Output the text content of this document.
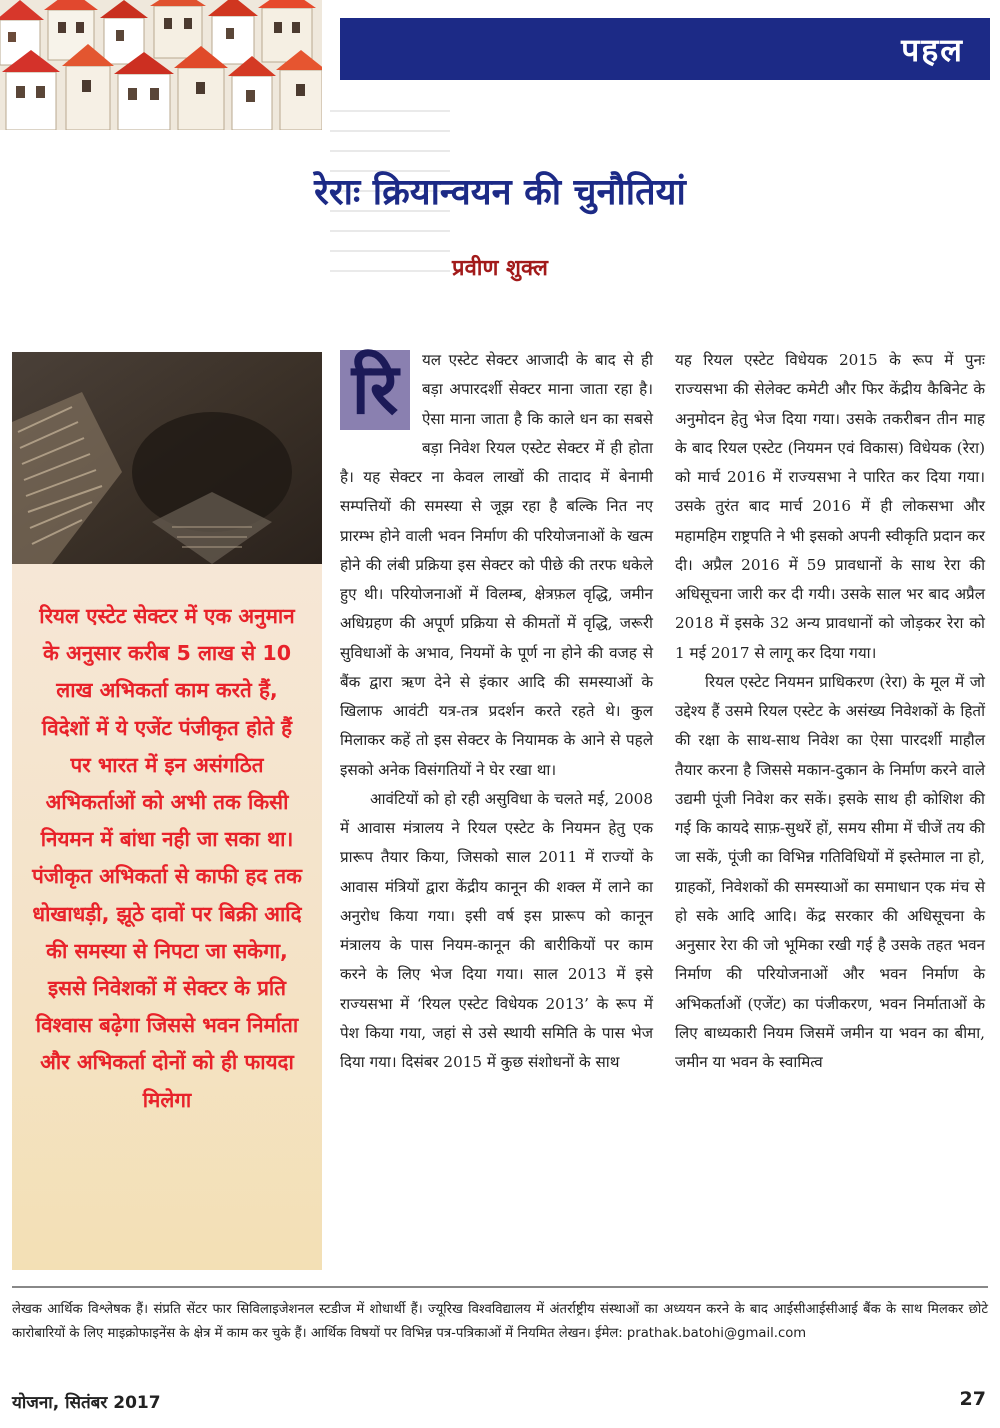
पहल
रेराः क्रियान्वयन की चुनौतियां
प्रवीण शुक्ल

रियल एस्टेट सेक्टर में एक अनुमान के अनुसार करीब 5 लाख से 10 लाख अभिकर्ता काम करते हैं, विदेशों में ये एजेंट पंजीकृत होते हैं पर भारत में इन असंगठित अभिकर्ताओं को अभी तक किसी नियमन में बांधा नही जा सका था। पंजीकृत अभिकर्ता से काफी हद तक धोखाधड़ी, झूठे दावों पर बिक्री आदि की समस्या से निपटा जा सकेगा, इससे निवेशकों में सेक्टर के प्रति विश्वास बढ़ेगा जिससे भवन निर्माता और अभिकर्ता दोनों को ही फायदा मिलेगा

रि	यल एस्टेट सेक्टर आजादी के बाद से ही बड़ा अपारदर्शी सेक्टर माना जाता रहा है। ऐसा माना जाता है कि काले धन का सबसे बड़ा निवेश रियल एस्टेट सेक्टर में ही होता है। यह सेक्टर ना केवल लाखों की तादाद में बेनामी सम्पत्तियों की समस्या से जूझ रहा है बल्कि नित नए प्रारम्भ होने वाली भवन निर्माण की परियोजनाओं के खत्म होने की लंबी प्रक्रिया इस सेक्टर को पीछे की तरफ धकेले हुए थी। परियोजनाओं में विलम्ब, क्षेत्रफ़ल वृद्धि, जमीन अधिग्रहण की अपूर्ण प्रक्रिया से कीमतों में वृद्धि, जरूरी सुविधाओं के अभाव, नियमों के पूर्ण ना होने की वजह से बैंक द्वारा ऋण देने से इंकार आदि की समस्याओं के खिलाफ आवंटी यत्र-तत्र प्रदर्शन करते रहते थे। कुल मिलाकर कहें तो इस सेक्टर के नियामक के आने से पहले इसको अनेक विसंगतियों ने घेर रखा था।

आवंटियों को हो रही असुविधा के चलते मई, 2008 में आवास मंत्रालय ने रियल एस्टेट के नियमन हेतु एक प्रारूप तैयार किया, जिसको साल 2011 में राज्यों के आवास मंत्रियों द्वारा केंद्रीय कानून की शक्ल में लाने का अनुरोध किया गया। इसी वर्ष इस प्रारूप को कानून मंत्रालय के पास नियम-कानून की बारीकियों पर काम करने के लिए भेज दिया गया। साल 2013 में इसे राज्यसभा में ‘रियल एस्टेट विधेयक 2013’ के रूप में पेश किया गया, जहां से उसे स्थायी समिति के पास भेज दिया गया। दिसंबर 2015 में कुछ संशोधनों के साथ

यह रियल एस्टेट विधेयक 2015 के रूप में पुनः राज्यसभा की सेलेक्ट कमेटी और फिर केंद्रीय कैबिनेट के अनुमोदन हेतु भेज दिया गया। उसके तकरीबन तीन माह के बाद रियल एस्टेट (नियमन एवं विकास) विधेयक (रेरा) को मार्च 2016 में राज्यसभा ने पारित कर दिया गया। उसके तुरंत बाद मार्च 2016 में ही लोकसभा और महामहिम राष्ट्रपति ने भी इसको अपनी स्वीकृति प्रदान कर दी। अप्रैल 2016 में 59 प्रावधानों के साथ रेरा की अधिसूचना जारी कर दी गयी। उसके साल भर बाद अप्रैल 2018 में इसके 32 अन्य प्रावधानों को जोड़कर रेरा को 1 मई 2017 से लागू कर दिया गया।

रियल एस्टेट नियमन प्राधिकरण (रेरा) के मूल में जो उद्देश्य हैं उसमे रियल एस्टेट के असंख्य निवेशकों के हितों की रक्षा के साथ-साथ निवेश का ऐसा पारदर्शी माहौल तैयार करना है जिससे मकान-दुकान के निर्माण करने वाले उद्यमी पूंजी निवेश कर सकें। इसके साथ ही कोशिश की गई कि कायदे साफ़-सुथरें हों, समय सीमा में चीजें तय की जा सकें, पूंजी का विभिन्न गतिविधियों में इस्तेमाल ना हो, ग्राहकों, निवेशकों की समस्याओं का समाधान एक मंच से हो सके आदि आदि। केंद्र सरकार की अधिसूचना के अनुसार रेरा की जो भूमिका रखी गई है उसके तहत भवन निर्माण की परियोजनाओं और भवन निर्माण के अभिकर्ताओं (एजेंट) का पंजीकरण, भवन निर्माताओं के लिए बाध्यकारी नियम जिसमें जमीन या भवन का बीमा, जमीन या भवन के स्वामित्व

लेखक आर्थिक विश्लेषक हैं। संप्रति सेंटर फार सिविलाइजेशनल स्टडीज में शोधार्थी हैं। ज्यूरिख विश्वविद्यालय में अंतर्राष्ट्रीय संस्थाओं का अध्ययन करने के बाद आईसीआईसीआई बैंक के साथ मिलकर छोटे कारोबारियों के लिए माइक्रोफाइनेंस के क्षेत्र में काम कर चुके हैं। आर्थिक विषयों पर विभिन्न पत्र-पत्रिकाओं में नियमित लेखन। ईमेल: prathak.batohi@gmail.com
योजना, सितंबर 2017	27
